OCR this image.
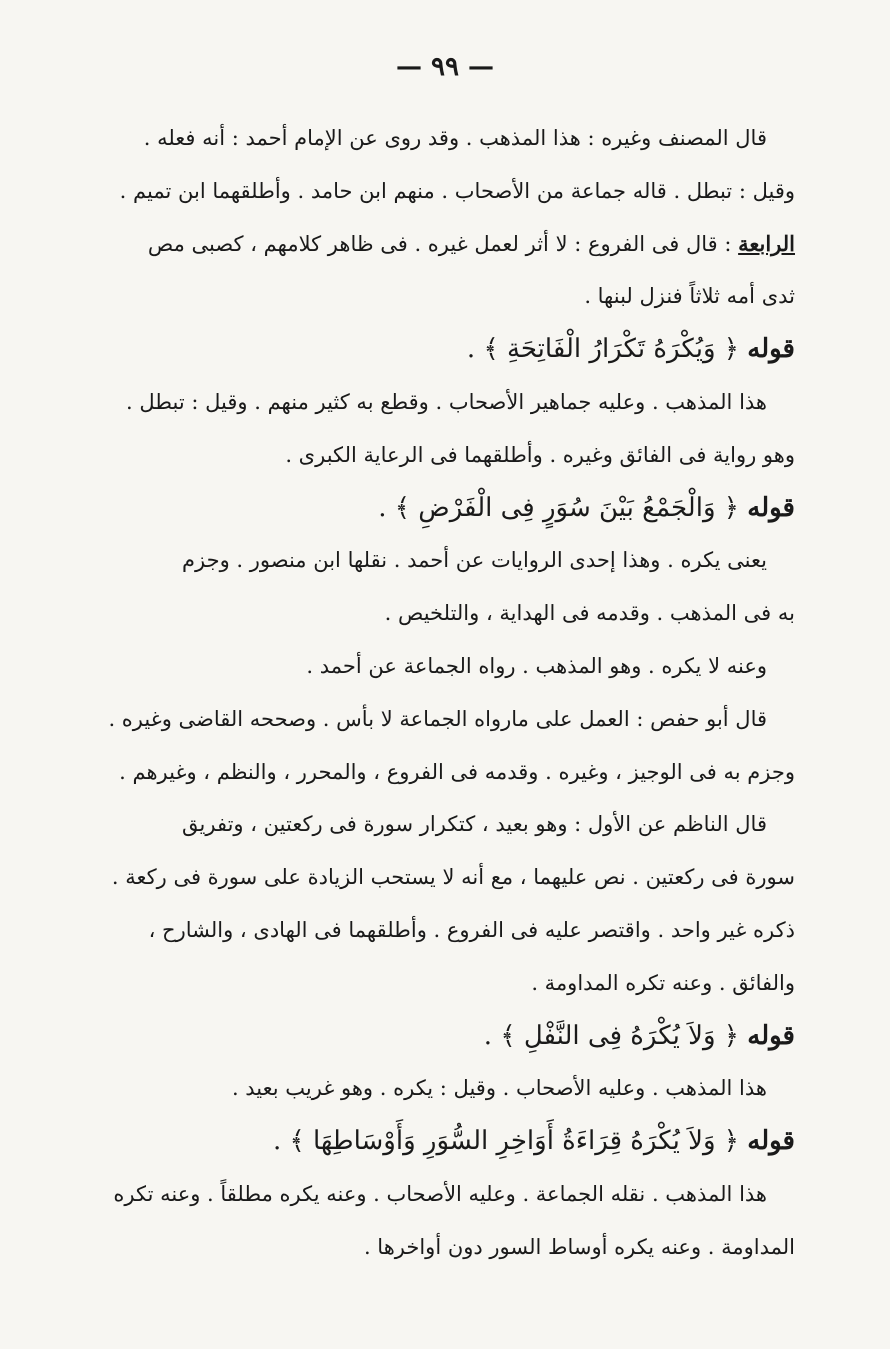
— ٩٩ —
قال المصنف وغيره : هذا المذهب . وقد روى عن الإمام أحمد : أنه فعله .
وقيل : تبطل . قاله جماعة من الأصحاب . منهم ابن حامد . وأطلقهما ابن تميم .
الرابعة : قال فى الفروع : لا أثر لعمل غيره . فى ظاهر كلامهم ، كصبى مص
ثدى أمه ثلاثاً فنزل لبنها .
قوله ﴿ وَيُكْرَهُ تَكْرَارُ الْفَاتِحَةِ ﴾ .
هذا المذهب . وعليه جماهير الأصحاب . وقطع به كثير منهم . وقيل : تبطل .
وهو رواية فى الفائق وغيره . وأطلقهما فى الرعاية الكبرى .
قوله ﴿ وَالْجَمْعُ بَيْنَ سُوَرٍ فِى الْفَرْضِ ﴾ .
يعنى يكره . وهذا إحدى الروايات عن أحمد . نقلها ابن منصور . وجزم
به فى المذهب . وقدمه فى الهداية ، والتلخيص .
وعنه لا يكره . وهو المذهب . رواه الجماعة عن أحمد .
قال أبو حفص : العمل على مارواه الجماعة لا بأس . وصححه القاضى وغيره .
وجزم به فى الوجيز ، وغيره . وقدمه فى الفروع ، والمحرر ، والنظم ، وغيرهم .
قال الناظم عن الأول : وهو بعيد ، كتكرار سورة فى ركعتين ، وتفريق
سورة فى ركعتين . نص عليهما ، مع أنه لا يستحب الزيادة على سورة فى ركعة .
ذكره غير واحد . واقتصر عليه فى الفروع . وأطلقهما فى الهادى ، والشارح ،
والفائق . وعنه تكره المداومة .
قوله ﴿ وَلاَ يُكْرَهُ فِى النَّفْلِ ﴾ .
هذا المذهب . وعليه الأصحاب . وقيل : يكره . وهو غريب بعيد .
قوله ﴿ وَلاَ يُكْرَهُ قِرَاءَةُ أَوَاخِرِ السُّوَرِ وَأَوْسَاطِهَا ﴾ .
هذا المذهب . نقله الجماعة . وعليه الأصحاب . وعنه يكره مطلقاً . وعنه تكره
المداومة . وعنه يكره أوساط السور دون أواخرها .
